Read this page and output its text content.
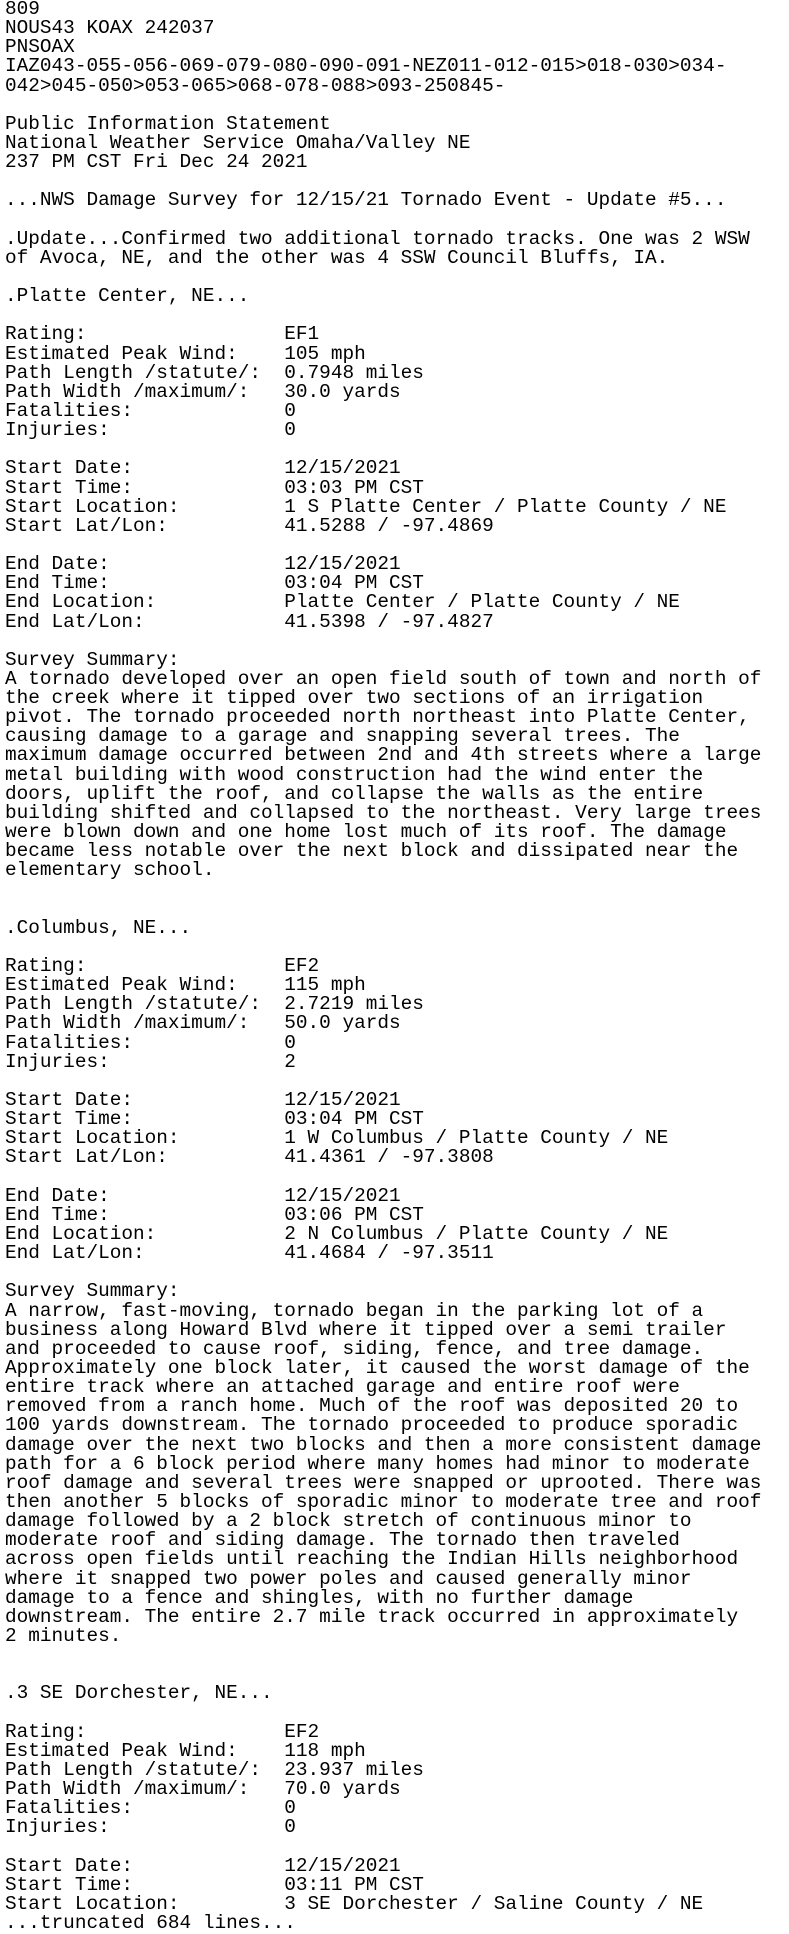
809
NOUS43 KOAX 242037
PNSOAX
IAZ043-055-056-069-079-080-090-091-NEZ011-012-015>018-030>034-
042>045-050>053-065>068-078-088>093-250845-
Public Information Statement
National Weather Service Omaha/Valley NE
237 PM CST Fri Dec 24 2021
...NWS Damage Survey for 12/15/21 Tornado Event - Update #5...
.Update...Confirmed two additional tornado tracks. One was 2 WSW
of Avoca, NE, and the other was 4 SSW Council Bluffs, IA.
.Platte Center, NE...
Rating:                 EF1
Estimated Peak Wind:    105 mph
Path Length /statute/:  0.7948 miles
Path Width /maximum/:   30.0 yards
Fatalities:             0
Injuries:               0
Start Date:             12/15/2021
Start Time:             03:03 PM CST
Start Location:         1 S Platte Center / Platte County / NE
Start Lat/Lon:          41.5288 / -97.4869
End Date:               12/15/2021
End Time:               03:04 PM CST
End Location:           Platte Center / Platte County / NE
End Lat/Lon:            41.5398 / -97.4827
Survey Summary:
A tornado developed over an open field south of town and north of
the creek where it tipped over two sections of an irrigation
pivot. The tornado proceeded north northeast into Platte Center,
causing damage to a garage and snapping several trees. The
maximum damage occurred between 2nd and 4th streets where a large
metal building with wood construction had the wind enter the
doors, uplift the roof, and collapse the walls as the entire
building shifted and collapsed to the northeast. Very large trees
were blown down and one home lost much of its roof. The damage
became less notable over the next block and dissipated near the
elementary school.
.Columbus, NE...
Rating:                 EF2
Estimated Peak Wind:    115 mph
Path Length /statute/:  2.7219 miles
Path Width /maximum/:   50.0 yards
Fatalities:             0
Injuries:               2
Start Date:             12/15/2021
Start Time:             03:04 PM CST
Start Location:         1 W Columbus / Platte County / NE
Start Lat/Lon:          41.4361 / -97.3808
End Date:               12/15/2021
End Time:               03:06 PM CST
End Location:           2 N Columbus / Platte County / NE
End Lat/Lon:            41.4684 / -97.3511
Survey Summary:
A narrow, fast-moving, tornado began in the parking lot of a
business along Howard Blvd where it tipped over a semi trailer
and proceeded to cause roof, siding, fence, and tree damage.
Approximately one block later, it caused the worst damage of the
entire track where an attached garage and entire roof were
removed from a ranch home. Much of the roof was deposited 20 to
100 yards downstream. The tornado proceeded to produce sporadic
damage over the next two blocks and then a more consistent damage
path for a 6 block period where many homes had minor to moderate
roof damage and several trees were snapped or uprooted. There was
then another 5 blocks of sporadic minor to moderate tree and roof
damage followed by a 2 block stretch of continuous minor to
moderate roof and siding damage. The tornado then traveled
across open fields until reaching the Indian Hills neighborhood
where it snapped two power poles and caused generally minor
damage to a fence and shingles, with no further damage
downstream. The entire 2.7 mile track occurred in approximately
2 minutes.
.3 SE Dorchester, NE...
Rating:                 EF2
Estimated Peak Wind:    118 mph
Path Length /statute/:  23.937 miles
Path Width /maximum/:   70.0 yards
Fatalities:             0
Injuries:               0
Start Date:             12/15/2021
Start Time:             03:11 PM CST
Start Location:         3 SE Dorchester / Saline County / NE
...truncated 684 lines...
